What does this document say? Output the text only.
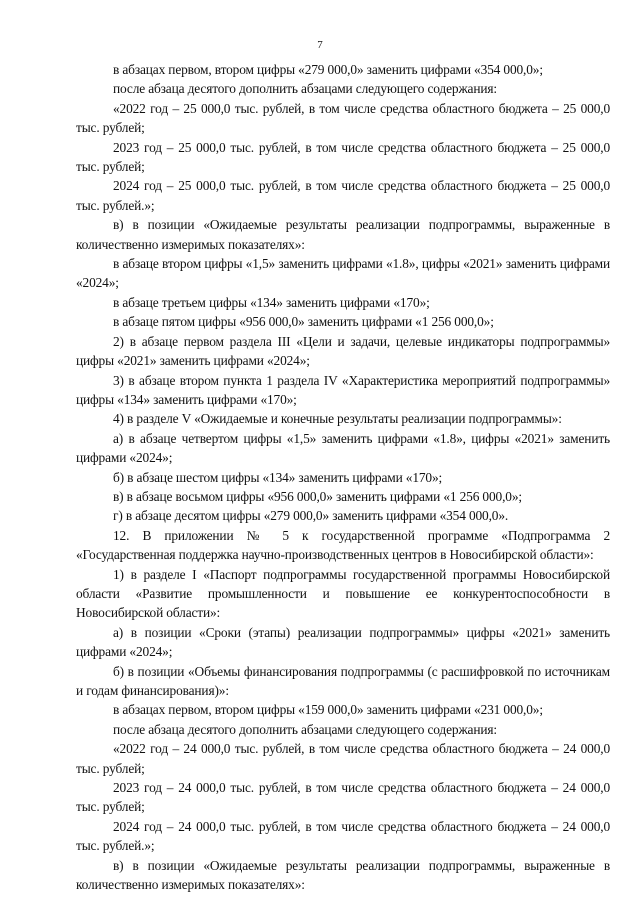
7

в абзацах первом, втором цифры «279 000,0» заменить цифрами «354 000,0»;

после абзаца десятого дополнить абзацами следующего содержания:

«2022 год – 25 000,0 тыс. рублей, в том числе средства областного бюджета – 25 000,0 тыс. рублей;

2023 год – 25 000,0 тыс. рублей, в том числе средства областного бюджета – 25 000,0 тыс. рублей;

2024 год – 25 000,0 тыс. рублей, в том числе средства областного бюджета – 25 000,0 тыс. рублей.»;

в) в позиции «Ожидаемые результаты реализации подпрограммы, выраженные в количественно измеримых показателях»:

в абзаце втором цифры «1,5» заменить цифрами «1.8», цифры «2021» заменить цифрами «2024»;

в абзаце третьем цифры «134» заменить цифрами «170»;

в абзаце пятом цифры «956 000,0» заменить цифрами «1 256 000,0»;

2) в абзаце первом раздела III «Цели и задачи, целевые индикаторы подпрограммы» цифры «2021» заменить цифрами «2024»;

3) в абзаце втором пункта 1 раздела IV «Характеристика мероприятий подпрограммы» цифры «134» заменить цифрами «170»;

4) в разделе V «Ожидаемые и конечные результаты реализации подпрограммы»:

а) в абзаце четвертом цифры «1,5» заменить цифрами «1.8», цифры «2021» заменить цифрами «2024»;

б) в абзаце шестом цифры «134» заменить цифрами «170»;

в) в абзаце восьмом цифры «956 000,0» заменить цифрами «1 256 000,0»;

г) в абзаце десятом цифры «279 000,0» заменить цифрами «354 000,0».

12. В приложении № 5 к государственной программе «Подпрограмма 2 «Государственная поддержка научно-производственных центров в Новосибирской области»:

1) в разделе I «Паспорт подпрограммы государственной программы Новосибирской области «Развитие промышленности и повышение ее конкурентоспособности в Новосибирской области»:

а) в позиции «Сроки (этапы) реализации подпрограммы» цифры «2021» заменить цифрами «2024»;

б) в позиции «Объемы финансирования подпрограммы (с расшифровкой по источникам и годам финансирования)»:

в абзацах первом, втором цифры «159 000,0» заменить цифрами «231 000,0»;

после абзаца десятого дополнить абзацами следующего содержания:

«2022 год – 24 000,0 тыс. рублей, в том числе средства областного бюджета – 24 000,0 тыс. рублей;

2023 год – 24 000,0 тыс. рублей, в том числе средства областного бюджета – 24 000,0 тыс. рублей;

2024 год – 24 000,0 тыс. рублей, в том числе средства областного бюджета – 24 000,0 тыс. рублей.»;

в) в позиции «Ожидаемые результаты реализации подпрограммы, выраженные в количественно измеримых показателях»:
